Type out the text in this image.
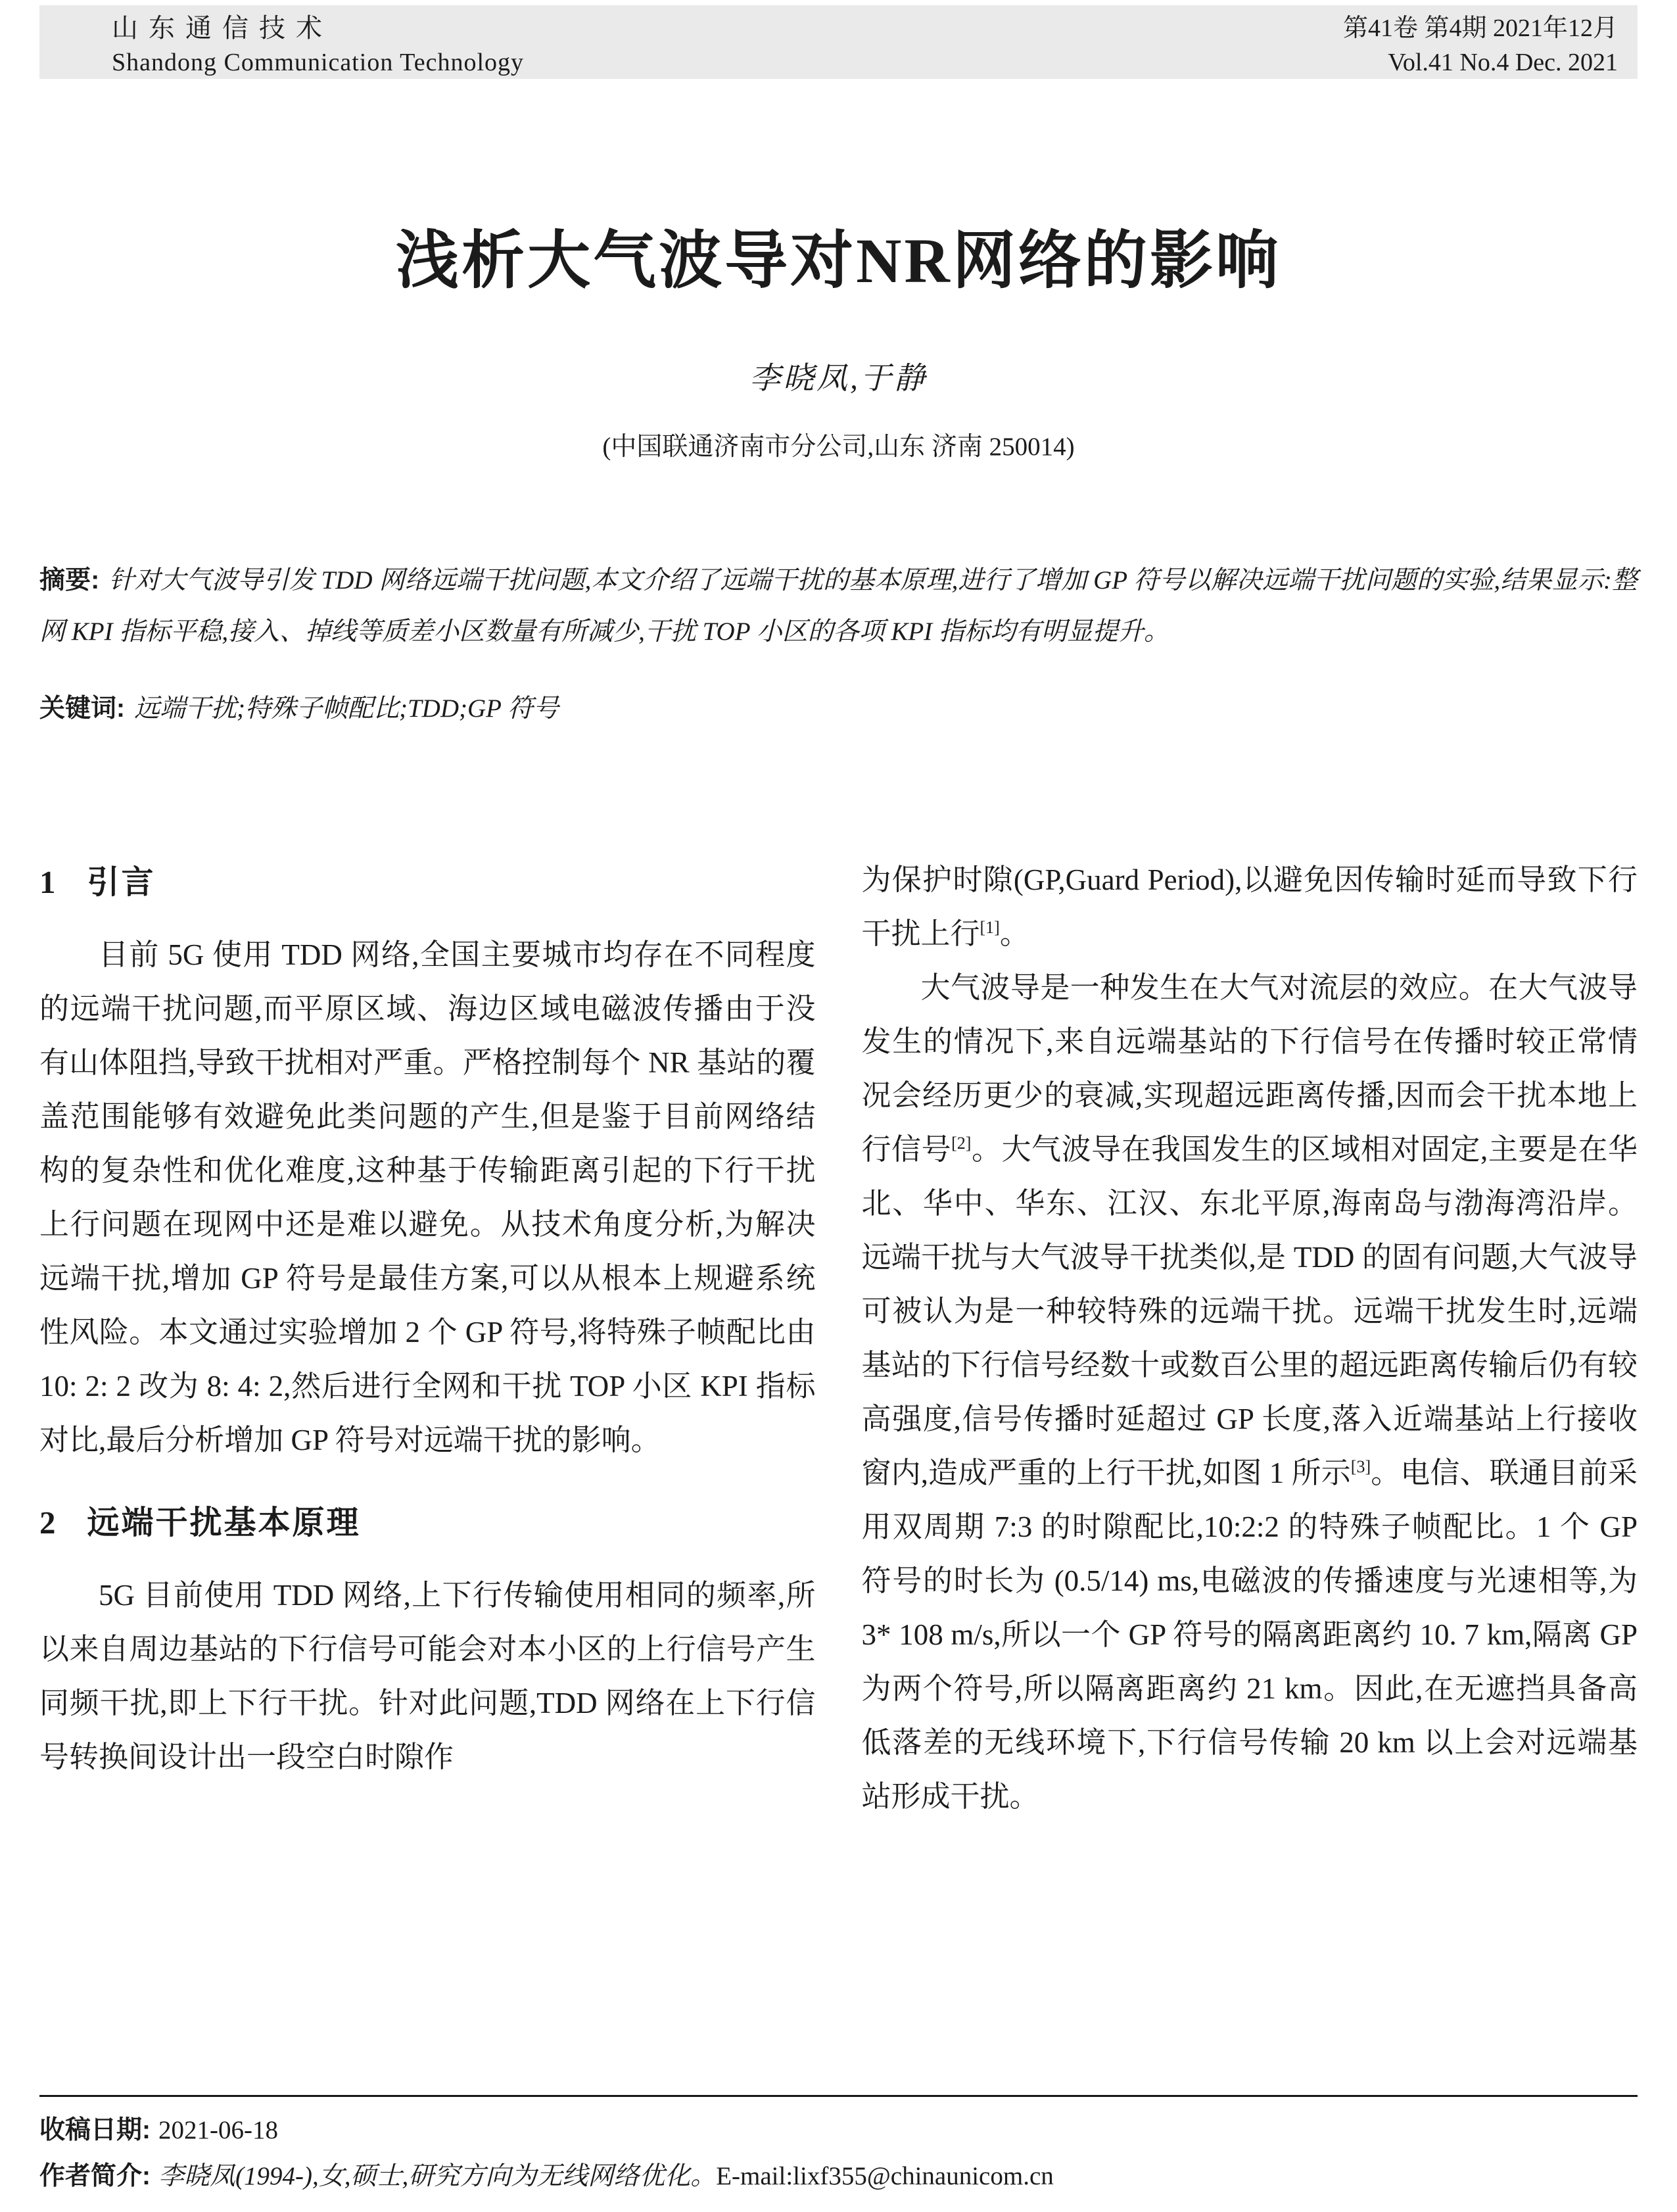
山东通信技术
Shandong Communication Technology
第41卷 第4期 2021年12月
Vol.41 No.4 Dec. 2021
浅析大气波导对NR网络的影响
李晓凤,于静
(中国联通济南市分公司,山东 济南 250014)

摘要: 针对大气波导引发 TDD 网络远端干扰问题,本文介绍了远端干扰的基本原理,进行了增加 GP 符号以解决远端干扰问题的实验,结果显示:整网 KPI 指标平稳,接入、掉线等质差小区数量有所减少,干扰 TOP 小区的各项 KPI 指标均有明显提升。

关键词: 远端干扰;特殊子帧配比;TDD;GP 符号

1 引言

目前 5G 使用 TDD 网络,全国主要城市均存在不同程度的远端干扰问题,而平原区域、海边区域电磁波传播由于没有山体阻挡,导致干扰相对严重。严格控制每个 NR 基站的覆盖范围能够有效避免此类问题的产生,但是鉴于目前网络结构的复杂性和优化难度,这种基于传输距离引起的下行干扰上行问题在现网中还是难以避免。从技术角度分析,为解决远端干扰,增加 GP 符号是最佳方案,可以从根本上规避系统性风险。本文通过实验增加 2 个 GP 符号,将特殊子帧配比由 10: 2: 2 改为 8: 4: 2,然后进行全网和干扰 TOP 小区 KPI 指标对比,最后分析增加 GP 符号对远端干扰的影响。

2 远端干扰基本原理

5G 目前使用 TDD 网络,上下行传输使用相同的频率,所以来自周边基站的下行信号可能会对本小区的上行信号产生同频干扰,即上下行干扰。针对此问题,TDD 网络在上下行信号转换间设计出一段空白时隙作

为保护时隙(GP,Guard Period),以避免因传输时延而导致下行干扰上行[1]。

大气波导是一种发生在大气对流层的效应。在大气波导发生的情况下,来自远端基站的下行信号在传播时较正常情况会经历更少的衰减,实现超远距离传播,因而会干扰本地上行信号[2]。大气波导在我国发生的区域相对固定,主要是在华北、华中、华东、江汉、东北平原,海南岛与渤海湾沿岸。远端干扰与大气波导干扰类似,是 TDD 的固有问题,大气波导可被认为是一种较特殊的远端干扰。远端干扰发生时,远端基站的下行信号经数十或数百公里的超远距离传输后仍有较高强度,信号传播时延超过 GP 长度,落入近端基站上行接收窗内,造成严重的上行干扰,如图 1 所示[3]。电信、联通目前采用双周期 7:3 的时隙配比,10:2:2 的特殊子帧配比。1 个 GP 符号的时长为 (0.5/14) ms,电磁波的传播速度与光速相等,为 3* 108 m/s,所以一个 GP 符号的隔离距离约 10. 7 km,隔离 GP 为两个符号,所以隔离距离约 21 km。因此,在无遮挡具备高低落差的无线环境下,下行信号传输 20 km 以上会对远端基站形成干扰。

收稿日期: 2021-06-18
作者简介: 李晓凤(1994-),女,硕士,研究方向为无线网络优化。E-mail:lixf355@chinaunicom.cn
